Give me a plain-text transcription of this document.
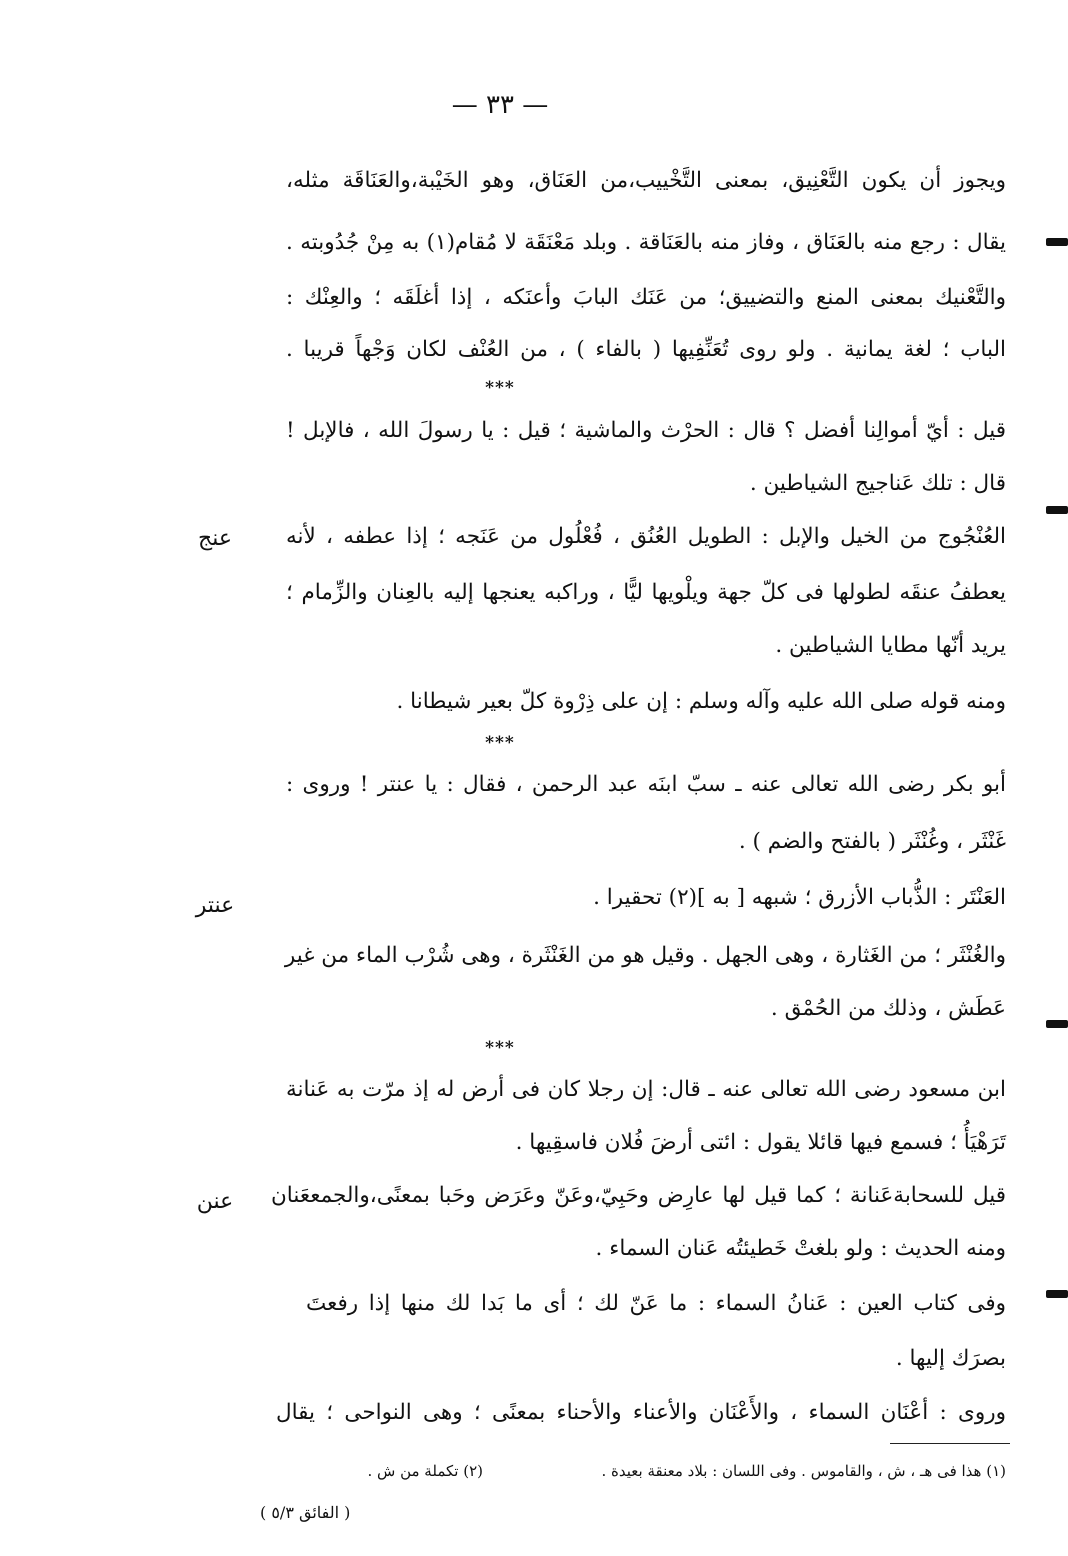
— ٣٣ —
ويجوز أن يكون التَّعْنِيق، بمعنى التَّخْييب،من العَنَاق، وهو الخَيْبة،والعَنَاقَة مثله،
يقال : رجع منه بالعَنَاق ، وفاز منه بالعَنَاقة . وبلد مَعْنَقَة لا مُقام(١) به مِنْ جُدُوبته .
والتَّعْنيك بمعنى المنع والتضييق؛ من عَنَك البابَ وأعنَكه ، إذا أغلَقَه ؛ والعِنْك :
الباب ؛ لغة يمانية . ولو روى تُعَنِّفِيها ( بالفاء ) ، من العُنْف لكان وَجْهاً قريبا .
***
قيل : أيّ أموالِنا أفضل ؟ قال : الحرْث والماشية ؛ قيل : يا رسولَ الله ، فالإبل !
قال : تلك عَناجيج الشياطين .
العُنْجُوج من الخيل والإبل : الطويل العُنُق ، فُعْلُول من عَنَجه ؛ إذا عطفه ، لأنه
يعطفُ عنقَه لطولها فى كلّ جهة ويلْويها ليًّا ، وراكبه يعنجها إليه بالعِنان والزِّمام ؛
يريد أنّها مطايا الشياطين .
ومنه قوله صلى الله عليه وآله وسلم : إن على ذِرْوة كلّ بعير شيطانا .
عنج
***
أبو بكر رضى الله تعالى عنه ـ سبّ ابنَه عبد الرحمن ، فقال : يا عنتر ! وروى :
غَنْثَر ، وغُنْثَر ( بالفتح والضم ) .
العَنْتَر : الذُّباب الأزرق ؛ شبهه [ به ](٢) تحقيرا .
والغُنْثَر ؛ من الغَثارة ، وهى الجهل . وقيل هو من الغَنْثَرة ، وهى شُرْب الماء من غير
عَطَش ، وذلك من الحُمْق .
عنتر
***
ابن مسعود رضى الله تعالى عنه ـ قال: إن رجلا كان فى أرض له إذ مرّت به عَنانة
تَرَهْيَأُ ؛ فسمع فيها قائلا يقول : ائتى أرضَ فُلان فاسقِيها .
قيل للسحابةعَنانة ؛ كما قيل لها عارِض وحَبِيّ،وعَنّ وعَرَض وحَبا بمعنًى،والجمععَنان
ومنه الحديث : ولو بلغتْ خَطيئتُه عَنان السماء .
وفى كتاب العين : عَنانُ السماء : ما عَنّ لك ؛ أى ما بَدا لك منها إذا رفعتَ
بصرَك إليها .
وروى : أعْنَان السماء ، والأَعْنَان والأعناء والأحناء بمعنًى ؛ وهى النواحى ؛ يقال
عنن
(١) هذا فى هـ ، ش ، والقاموس . وفى اللسان : بلاد معنقة بعيدة .
(٢) تكملة من ش .
( الفائق ٥/٣ )
